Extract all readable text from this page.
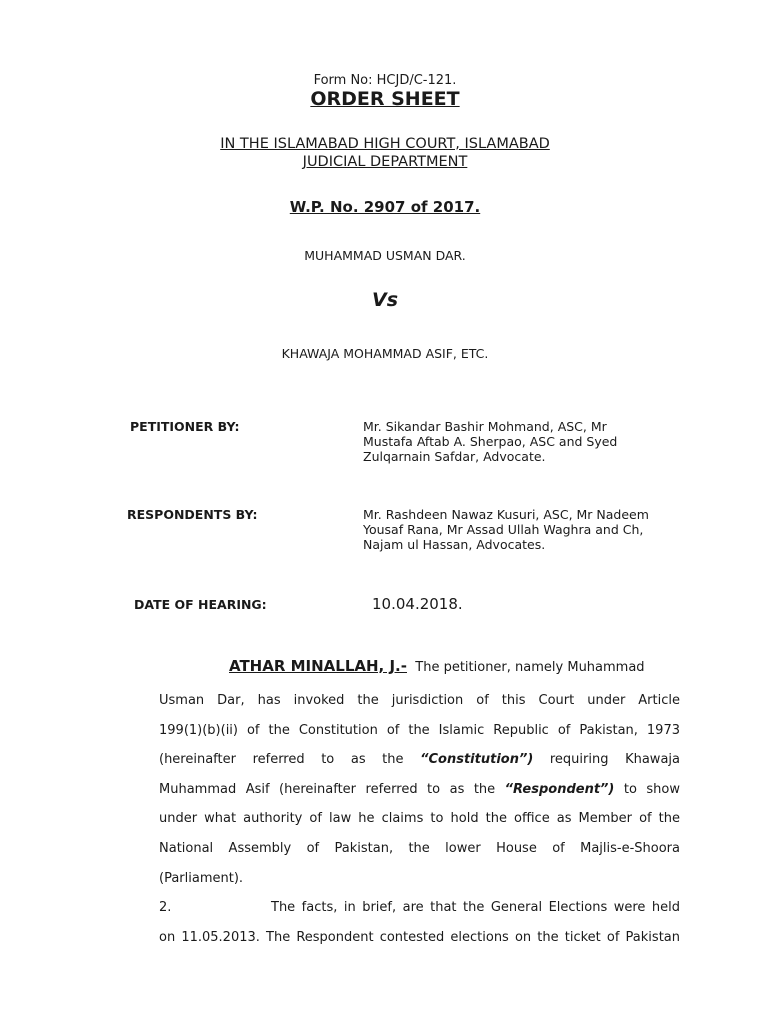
Form No: HCJD/C-121.
ORDER SHEET
IN THE ISLAMABAD HIGH COURT, ISLAMABAD
JUDICIAL DEPARTMENT
W.P. No. 2907 of 2017.
MUHAMMAD USMAN DAR.
Vs
KHAWAJA MOHAMMAD ASIF, ETC.
PETITIONER BY:	Mr. Sikandar Bashir Mohmand, ASC, Mr
Mustafa Aftab A. Sherpao, ASC and Syed
Zulqarnain Safdar, Advocate.
RESPONDENTS BY:	Mr. Rashdeen Nawaz Kusuri, ASC, Mr Nadeem
Yousaf Rana, Mr Assad Ullah Waghra and Ch,
Najam ul Hassan, Advocates.
DATE OF HEARING:	10.04.2018.
ATHAR MINALLAH, J.- The petitioner, namely Muhammad
Usman Dar, has invoked the jurisdiction of this Court under Article
199(1)(b)(ii) of the Constitution of the Islamic Republic of Pakistan, 1973
(hereinafter referred to as the “Constitution”) requiring Khawaja
Muhammad Asif (hereinafter referred to as the “Respondent”) to show
under what authority of law he claims to hold the office as Member of the
National Assembly of Pakistan, the lower House of Majlis-e-Shoora
(Parliament).
2.	The facts, in brief, are that the General Elections were held
on 11.05.2013. The Respondent contested elections on the ticket of Pakistan
